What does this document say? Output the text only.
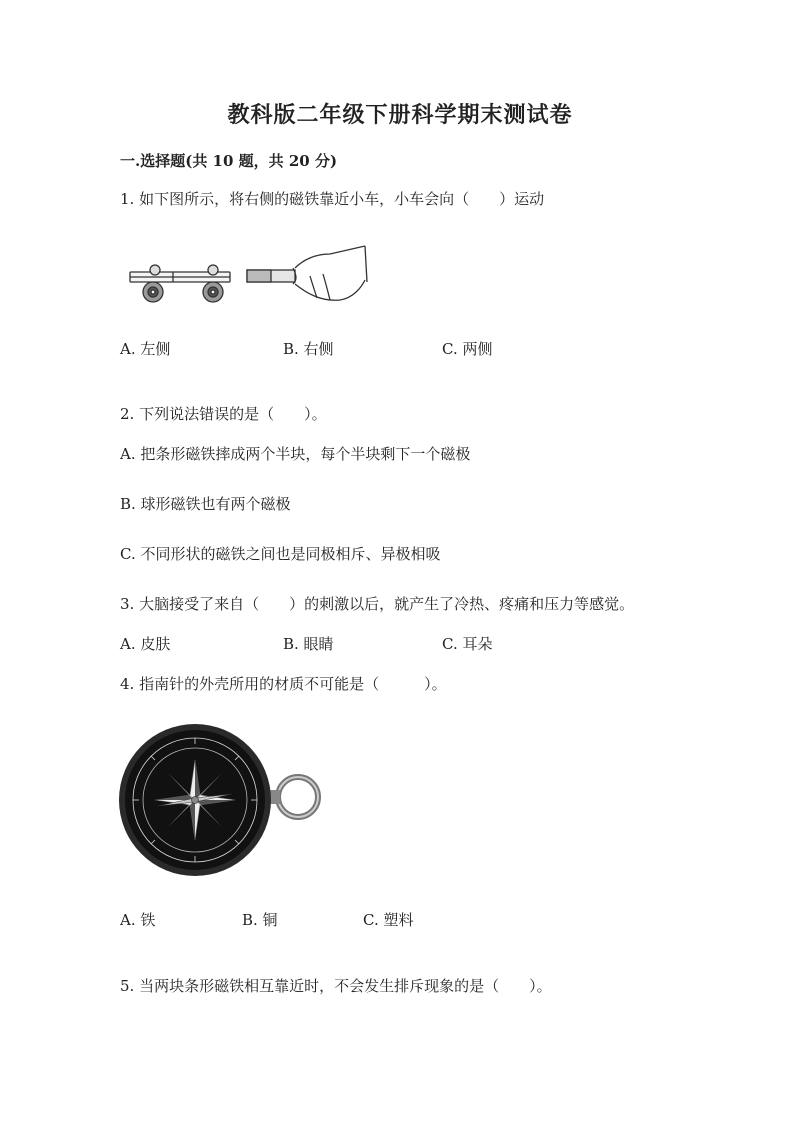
教科版二年级下册科学期末测试卷
一.选择题(共 10 题，共 20 分)
1. 如下图所示，将右侧的磁铁靠近小车，小车会向（　　）运动
A. 左侧	B. 右侧	C. 两侧
2. 下列说法错误的是（　　）。
A. 把条形磁铁摔成两个半块，每个半块剩下一个磁极
B. 球形磁铁也有两个磁极
C. 不同形状的磁铁之间也是同极相斥、异极相吸
3. 大脑接受了来自（　　）的刺激以后，就产生了冷热、疼痛和压力等感觉。
A. 皮肤	B. 眼睛	C. 耳朵
4. 指南针的外壳所用的材质不可能是（　　　）。
A. 铁	B. 铜	C. 塑料
5. 当两块条形磁铁相互靠近时，不会发生排斥现象的是（　　）。
